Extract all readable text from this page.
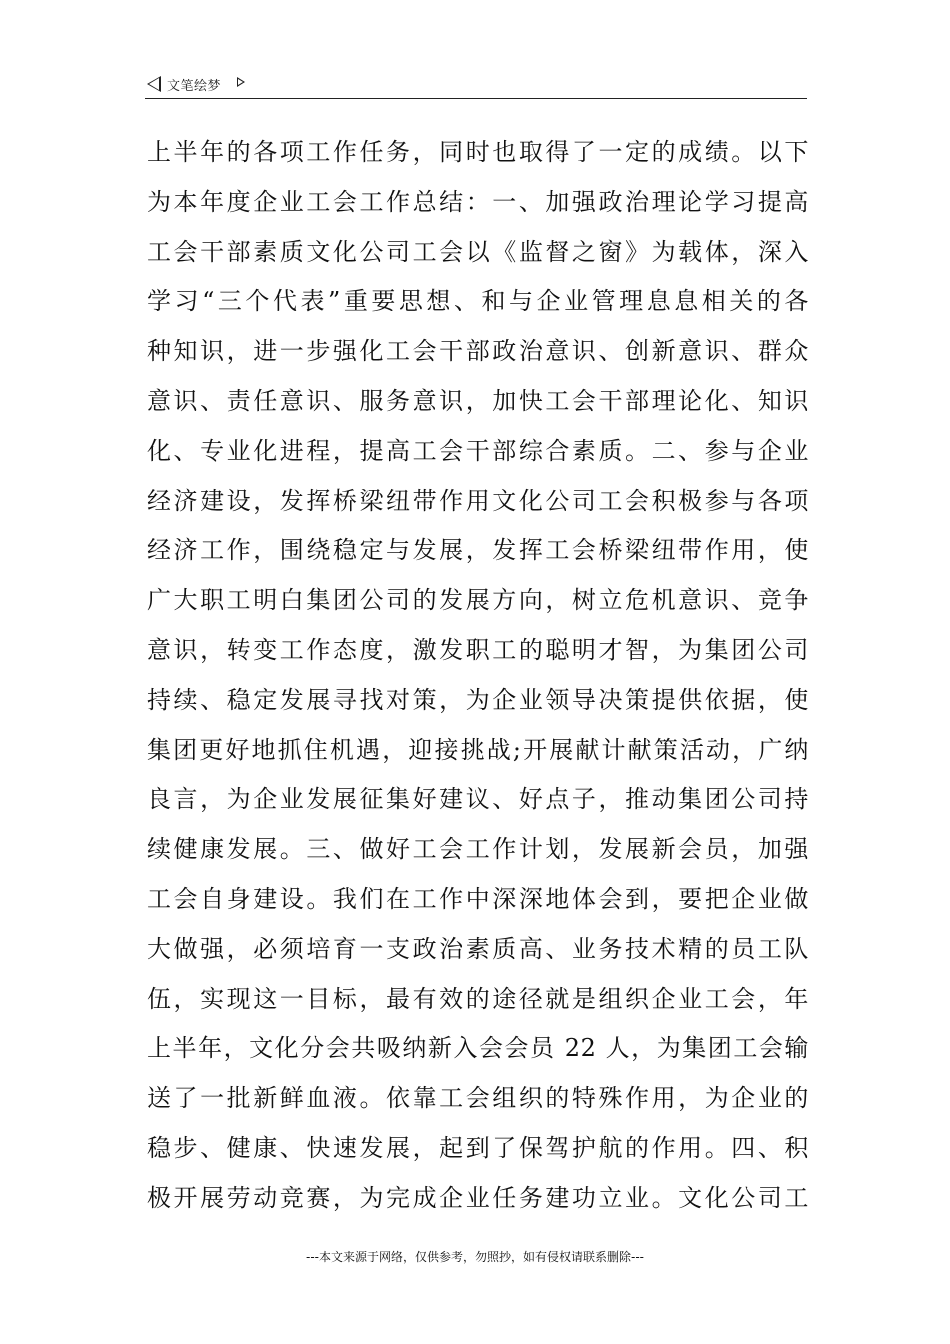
文笔绘梦
上半年的各项工作任务，同时也取得了一定的成绩。以下
为本年度企业工会工作总结：一、加强政治理论学习提高
工会干部素质文化公司工会以《监督之窗》为载体，深入
学习“三个代表”重要思想、和与企业管理息息相关的各
种知识，进一步强化工会干部政治意识、创新意识、群众
意识、责任意识、服务意识，加快工会干部理论化、知识
化、专业化进程，提高工会干部综合素质。二、参与企业
经济建设，发挥桥梁纽带作用文化公司工会积极参与各项
经济工作，围绕稳定与发展，发挥工会桥梁纽带作用，使
广大职工明白集团公司的发展方向，树立危机意识、竞争
意识，转变工作态度，激发职工的聪明才智，为集团公司
持续、稳定发展寻找对策，为企业领导决策提供依据，使
集团更好地抓住机遇，迎接挑战;开展献计献策活动，广纳
良言，为企业发展征集好建议、好点子，推动集团公司持
续健康发展。三、做好工会工作计划，发展新会员，加强
工会自身建设。我们在工作中深深地体会到，要把企业做
大做强，必须培育一支政治素质高、业务技术精的员工队
伍，实现这一目标，最有效的途径就是组织企业工会，年
上半年，文化分会共吸纳新入会会员 22 人，为集团工会输
送了一批新鲜血液。依靠工会组织的特殊作用，为企业的
稳步、健康、快速发展，起到了保驾护航的作用。四、积
极开展劳动竞赛，为完成企业任务建功立业。文化公司工
---本文来源于网络，仅供参考，勿照抄，如有侵权请联系删除---
